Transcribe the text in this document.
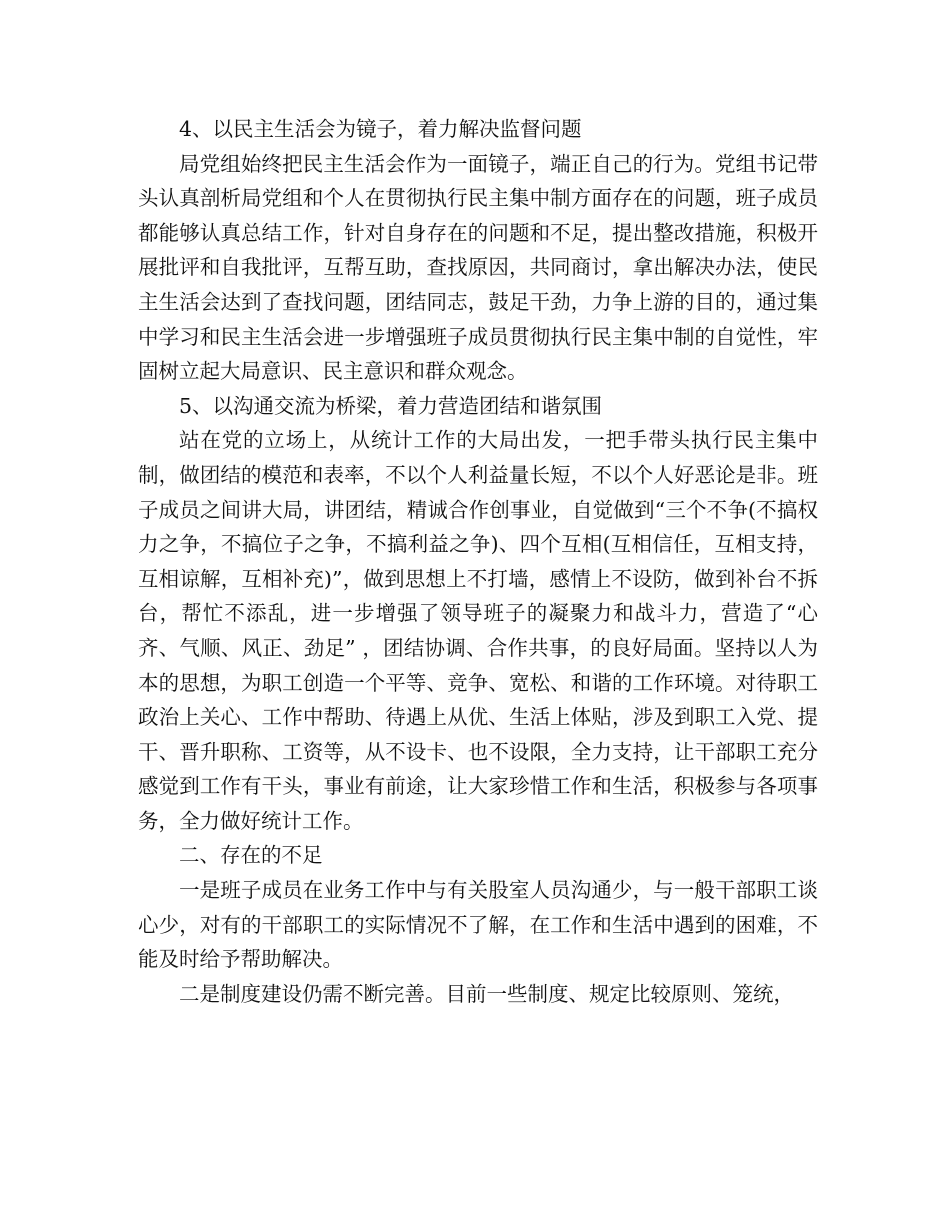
4、以民主生活会为镜子，着力解决监督问题

局党组始终把民主生活会作为一面镜子，端正自己的行为。党组书记带头认真剖析局党组和个人在贯彻执行民主集中制方面存在的问题，班子成员都能够认真总结工作，针对自身存在的问题和不足，提出整改措施，积极开展批评和自我批评，互帮互助，查找原因，共同商讨，拿出解决办法，使民主生活会达到了查找问题，团结同志，鼓足干劲，力争上游的目的，通过集中学习和民主生活会进一步增强班子成员贯彻执行民主集中制的自觉性，牢固树立起大局意识、民主意识和群众观念。

5、以沟通交流为桥梁，着力营造团结和谐氛围

站在党的立场上，从统计工作的大局出发，一把手带头执行民主集中制，做团结的模范和表率，不以个人利益量长短，不以个人好恶论是非。班子成员之间讲大局，讲团结，精诚合作创事业，自觉做到“三个不争(不搞权力之争，不搞位子之争，不搞利益之争)、四个互相(互相信任，互相支持，互相谅解，互相补充)”，做到思想上不打墙，感情上不设防，做到补台不拆台，帮忙不添乱，进一步增强了领导班子的凝聚力和战斗力，营造了“心齐、气顺、风正、劲足” ，团结协调、合作共事，的良好局面。坚持以人为本的思想，为职工创造一个平等、竞争、宽松、和谐的工作环境。对待职工政治上关心、工作中帮助、待遇上从优、生活上体贴，涉及到职工入党、提干、晋升职称、工资等，从不设卡、也不设限，全力支持，让干部职工充分感觉到工作有干头，事业有前途，让大家珍惜工作和生活，积极参与各项事务，全力做好统计工作。

二、存在的不足

一是班子成员在业务工作中与有关股室人员沟通少，与一般干部职工谈心少，对有的干部职工的实际情况不了解，在工作和生活中遇到的困难，不能及时给予帮助解决。

二是制度建设仍需不断完善。目前一些制度、规定比较原则、笼统，
